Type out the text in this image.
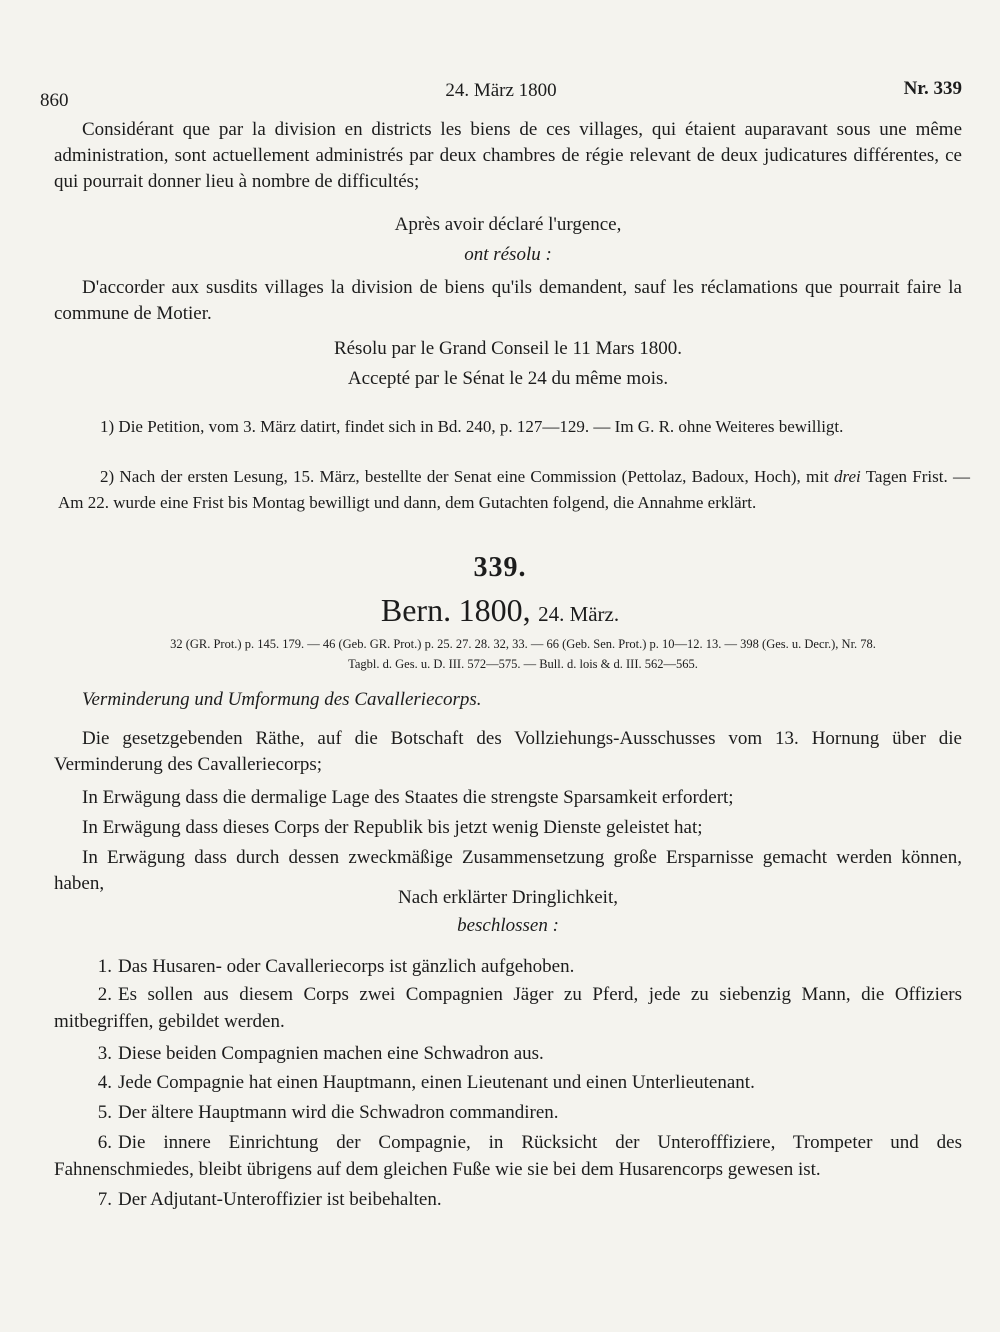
860	24. März 1800	Nr. 339
Considérant que par la division en districts les biens de ces villages, qui étaient auparavant sous une même administration, sont actuellement administrés par deux chambres de régie relevant de deux judicatures différentes, ce qui pourrait donner lieu à nombre de difficultés;
Après avoir déclaré l'urgence,
ont résolu :
D'accorder aux susdits villages la division de biens qu'ils demandent, sauf les réclamations que pourrait faire la commune de Motier.
Résolu par le Grand Conseil le 11 Mars 1800.
Accepté par le Sénat le 24 du même mois.
1) Die Petition, vom 3. März datirt, findet sich in Bd. 240, p. 127—129. — Im G. R. ohne Weiteres bewilligt.
2) Nach der ersten Lesung, 15. März, bestellte der Senat eine Commission (Pettolaz, Badoux, Hoch), mit drei Tagen Frist. — Am 22. wurde eine Frist bis Montag bewilligt und dann, dem Gutachten folgend, die Annahme erklärt.
339.
Bern. 1800, 24. März.
32 (GR. Prot.) p. 145. 179. — 46 (Geb. GR. Prot.) p. 25. 27. 28. 32, 33. — 66 (Geb. Sen. Prot.) p. 10—12. 13. — 398 (Ges. u. Decr.), Nr. 78.
Tagbl. d. Ges. u. D. III. 572—575. — Bull. d. lois & d. III. 562—565.
Verminderung und Umformung des Cavalleriecorps.
Die gesetzgebenden Räthe, auf die Botschaft des Vollziehungs-Ausschusses vom 13. Hornung über die Verminderung des Cavalleriecorps;
In Erwägung dass die dermalige Lage des Staates die strengste Sparsamkeit erfordert;
In Erwägung dass dieses Corps der Republik bis jetzt wenig Dienste geleistet hat;
In Erwägung dass durch dessen zweckmäßige Zusammensetzung große Ersparnisse gemacht werden können, haben,
Nach erklärter Dringlichkeit,
beschlossen :
1. Das Husaren- oder Cavalleriecorps ist gänzlich aufgehoben.
2. Es sollen aus diesem Corps zwei Compagnien Jäger zu Pferd, jede zu siebenzig Mann, die Offiziers mitbegriffen, gebildet werden.
3. Diese beiden Compagnien machen eine Schwadron aus.
4. Jede Compagnie hat einen Hauptmann, einen Lieutenant und einen Unterlieutenant.
5. Der ältere Hauptmann wird die Schwadron commandiren.
6. Die innere Einrichtung der Compagnie, in Rücksicht der Unterofffiziere, Trompeter und des Fahnenschmiedes, bleibt übrigens auf dem gleichen Fuße wie sie bei dem Husarencorps gewesen ist.
7. Der Adjutant-Unteroffizier ist beibehalten.
